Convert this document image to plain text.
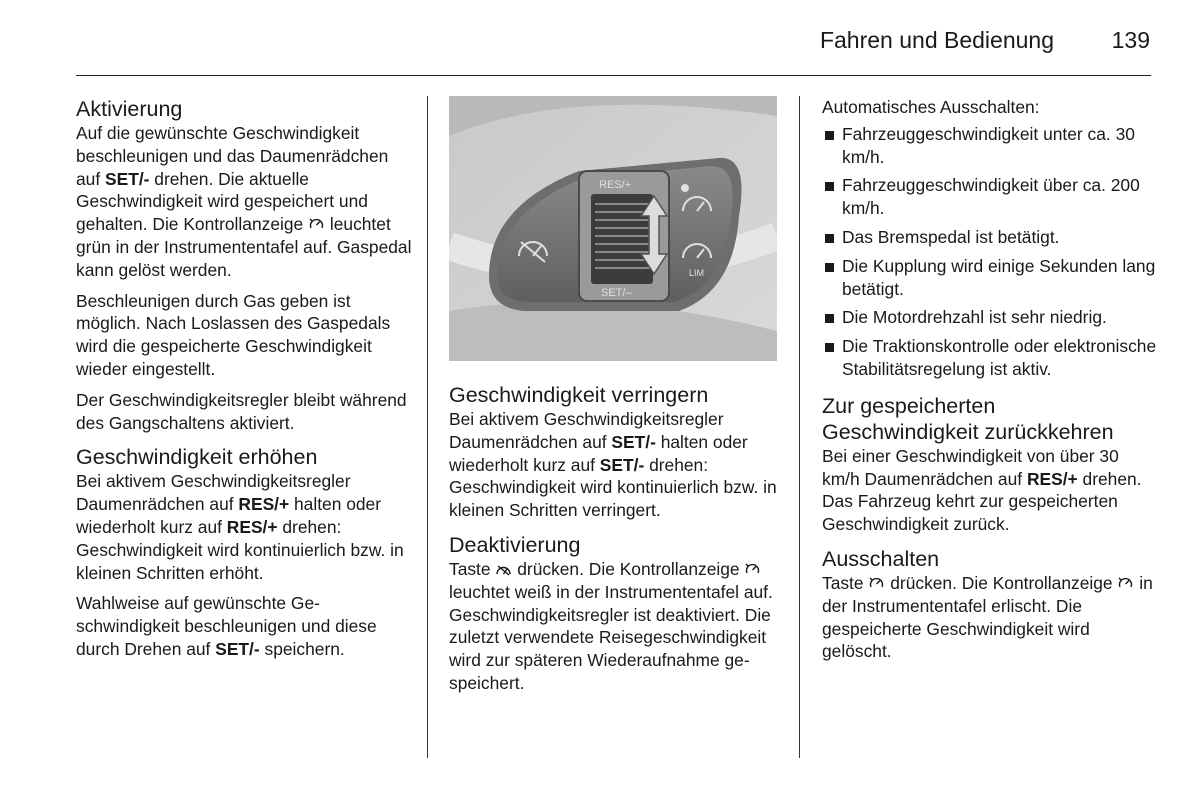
Fahren und Bedienung	139
Aktivierung

Auf die gewünschte Geschwindigkeit beschleunigen und das Daumenrädchen auf SET/- drehen. Die aktuelle Geschwindigkeit wird gespeichert und gehalten. Die Kontrollanzeige  leuchtet grün in der Instrumententafel auf. Gaspedal kann gelöst werden.

Beschleunigen durch Gas geben ist möglich. Nach Loslassen des Gaspedals wird die gespeicherte Geschwindigkeit wieder eingestellt.

Der Geschwindigkeitsregler bleibt während des Gangschaltens aktiviert.

Geschwindigkeit erhöhen

Bei aktivem Geschwindigkeitsregler Daumenrädchen auf RES/+ halten oder wiederholt kurz auf RES/+ drehen: Geschwindigkeit wird kontinuierlich bzw. in kleinen Schritten erhöht.

Wahlweise auf gewünschte Geschwindigkeit beschleunigen und diese durch Drehen auf SET/- speichern.

RES/+
SET/–
LIM
Geschwindigkeit verringern

Bei aktivem Geschwindigkeitsregler Daumenrädchen auf SET/- halten oder wiederholt kurz auf SET/- drehen: Geschwindigkeit wird kontinuierlich bzw. in kleinen Schritten verringert.

Deaktivierung

Taste  drücken. Die Kontrollanzeige  leuchtet weiß in der Instrumententafel auf. Geschwindigkeitsregler ist deaktiviert. Die zuletzt verwendete Reisegeschwindigkeit wird zur späteren Wiederaufnahme gespeichert.

Automatisches Ausschalten:

Fahrzeuggeschwindigkeit unter ca. 30 km/h.
Fahrzeuggeschwindigkeit über ca. 200 km/h.
Das Bremspedal ist betätigt.
Die Kupplung wird einige Sekunden lang betätigt.
Die Motordrehzahl ist sehr niedrig.
Die Traktionskontrolle oder elektronische Stabilitätsregelung ist aktiv.
Zur gespeicherten Geschwindigkeit zurückkehren

Bei einer Geschwindigkeit von über 30 km/h Daumenrädchen auf RES/+ drehen. Das Fahrzeug kehrt zur gespeicherten Geschwindigkeit zurück.

Ausschalten

Taste  drücken. Die Kontrollanzeige  in der Instrumententafel erlischt. Die gespeicherte Geschwindigkeit wird gelöscht.
